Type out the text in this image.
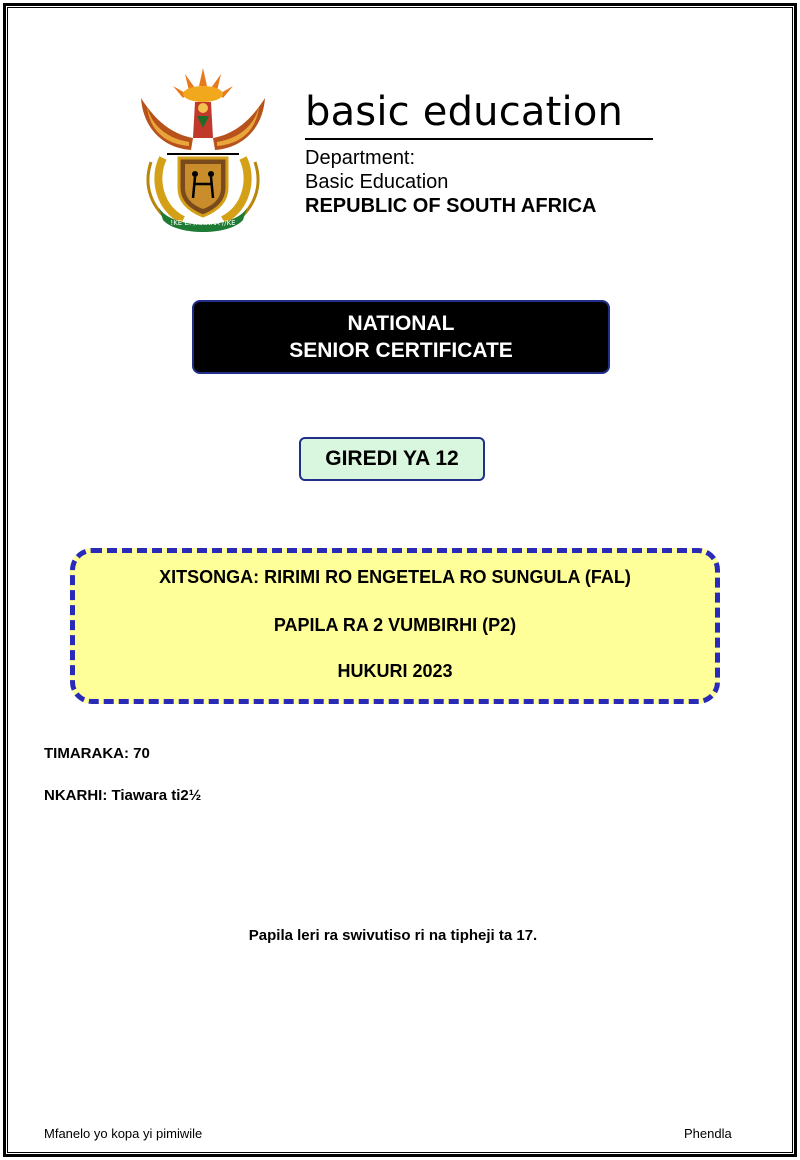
!KE E: /XARRA //KE
basic education
Department:
Basic Education
REPUBLIC OF SOUTH AFRICA
NATIONAL
SENIOR CERTIFICATE
GIREDI YA 12
XITSONGA: RIRIMI RO ENGETELA RO SUNGULA (FAL)
PAPILA RA 2 VUMBIRHI (P2)
HUKURI 2023
TIMARAKA: 70
NKARHI: Tiawara ti2½
Papila leri ra swivutiso ri na tipheji ta 17.
Mfanelo yo kopa yi pimiwile	Phendla
